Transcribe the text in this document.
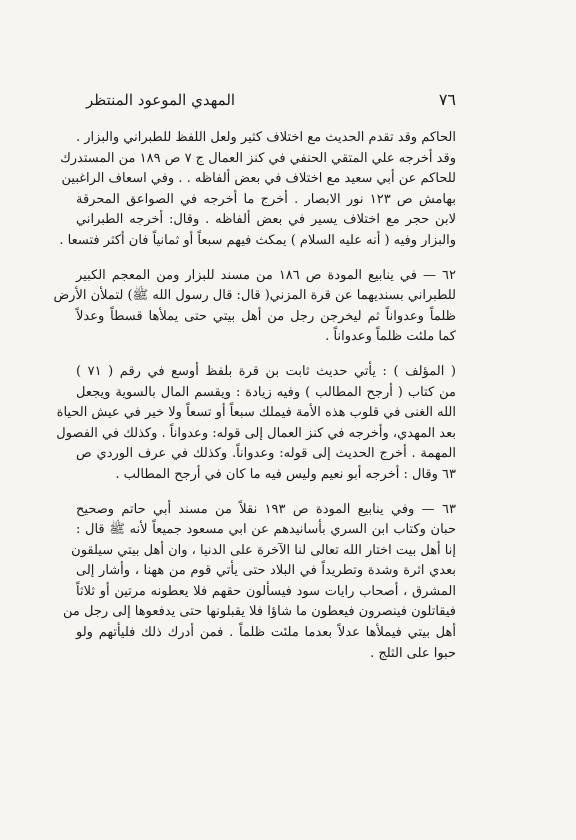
٧٦
المهدي الموعود المنتظر
الحاكم وقد تقدم الحديث مع اختلاف كثير ولعل اللفظ للطبراني والبزار .
وقد أخرجه علي المتقي الحنفي في كنز العمال ج ٧ ص ١٨٩ من المستدرك
للحاكم عن أبي سعيد مع اختلاف في بعض ألفاظه . . وفي اسعاف الراغبين
بهامش ص ١٢٣ نور الابصار . أخرج ما أخرجه في الصواعق المحرقة
لابن حجر مع اختلاف يسير في بعض ألفاظه . وقال: أخرجه الطبراني
والبزار وفيه ( أنه عليه السلام ) يمكث فيهم سبعاً أو ثمانياً فان أكثر فتسعا .
٦٢ — في ينابيع المودة ص ١٨٦ من مسند للبزار ومن المعجم الكبير
للطبراني بسنديهما عن قرة المزني( قال: قال رسول الله ﷺ) لتملأن الأرض
ظلماً وعدواناً ثم ليخرجن رجل من أهل بيتي حتى يملأها قسطاً وعدلاً
كما ملئت ظلماً وعدواناً .
( المؤلف ) : يأتي حديث ثابت بن قرة بلفظ أوسع في رقم ( ٧١ )
من كتاب ( أرجح المطالب ) وفيه زيادة : ويقسم المال بالسوية ويجعل
الله الغنى في قلوب هذه الأمة فيملك سبعاً أو تسعاً ولا خير في عيش الحياة
بعد المهدي، وأخرجه في كنز العمال إلى قوله: وعدواناً . وكذلك في الفصول
المهمة . أخرج الحديث إلى قوله: وعدواناً. وكذلك في عرف الوردي ص
٦٣ وقال : أخرجه أبو نعيم وليس فيه ما كان في أرجح المطالب .
٦٣ — وفي ينابيع المودة ص ١٩٣ نقلاً من مسند أبي حاتم وصحيح
حبان وكتاب ابن السري بأسانيدهم عن ابي مسعود جميعاً لأنه ﷺ قال :
إنا أهل بيت اختار الله تعالى لنا الآخرة على الدنيا ، وان أهل بيتي سيلقون
بعدي اثرة وشدة وتطريداً في البلاد حتى يأتي قوم من ههنا ، وأشار إلى
المشرق ، أصحاب رايات سود فيسألون حقهم فلا يعطونه مرتين أو ثلاثاً
فيقاتلون فينصرون فيعطون ما شاؤا فلا يقبلونها حتى يدفعوها إلى رجل من
أهل بيتي فيملأها عدلاً بعدما ملئت ظلماً . فمن أدرك ذلك فليأتهم ولو
حبوا على الثلج .
